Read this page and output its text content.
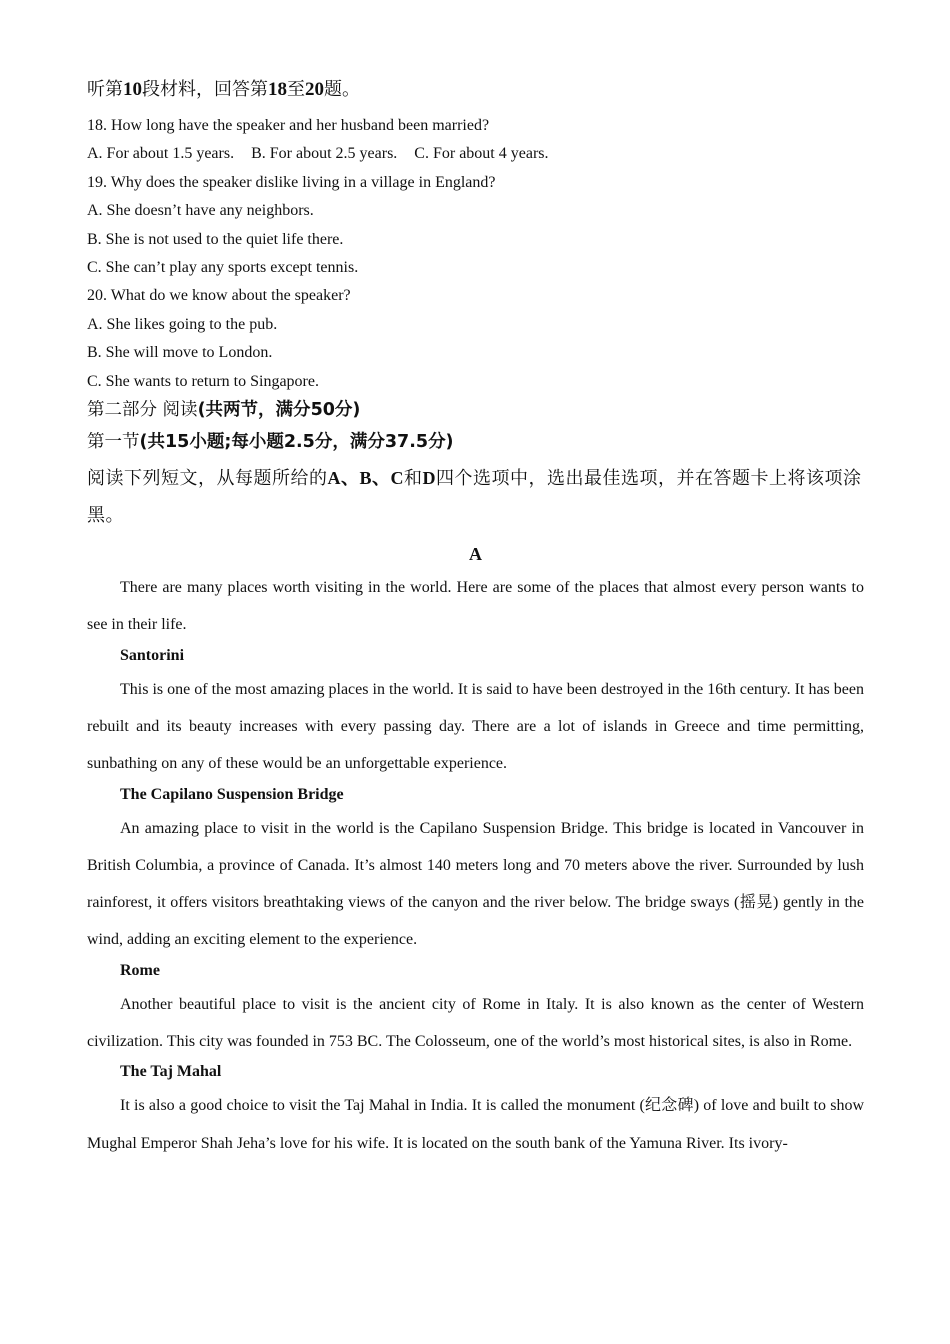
听第10段材料，回答第18至20题。

18. How long have the speaker and her husband been married?

A. For about 1.5 years. B. For about 2.5 years. C. For about 4 years.

19. Why does the speaker dislike living in a village in England?

A. She doesn’t have any neighbors.

B. She is not used to the quiet life there.

C. She can’t play any sports except tennis.

20. What do we know about the speaker?

A. She likes going to the pub.

B. She will move to London.

C. She wants to return to Singapore.

第二部分 阅读(共两节，满分50分)

第一节(共15小题;每小题2.5分，满分37.5分)

阅读下列短文，从每题所给的A、B、C和D四个选项中，选出最佳选项，并在答题卡上将该项涂黑。

A

There are many places worth visiting in the world. Here are some of the places that almost every person wants to see in their life.

Santorini

This is one of the most amazing places in the world. It is said to have been destroyed in the 16th century. It has been rebuilt and its beauty increases with every passing day. There are a lot of islands in Greece and time permitting, sunbathing on any of these would be an unforgettable experience.

The Capilano Suspension Bridge

An amazing place to visit in the world is the Capilano Suspension Bridge. This bridge is located in Vancouver in British Columbia, a province of Canada. It’s almost 140 meters long and 70 meters above the river. Surrounded by lush rainforest, it offers visitors breathtaking views of the canyon and the river below. The bridge sways (摇晃) gently in the wind, adding an exciting element to the experience.

Rome

Another beautiful place to visit is the ancient city of Rome in Italy. It is also known as the center of Western civilization. This city was founded in 753 BC. The Colosseum, one of the world’s most historical sites, is also in Rome.

The Taj Mahal

It is also a good choice to visit the Taj Mahal in India. It is called the monument (纪念碑) of love and built to show Mughal Emperor Shah Jeha’s love for his wife. It is located on the south bank of the Yamuna River. Its ivory-
